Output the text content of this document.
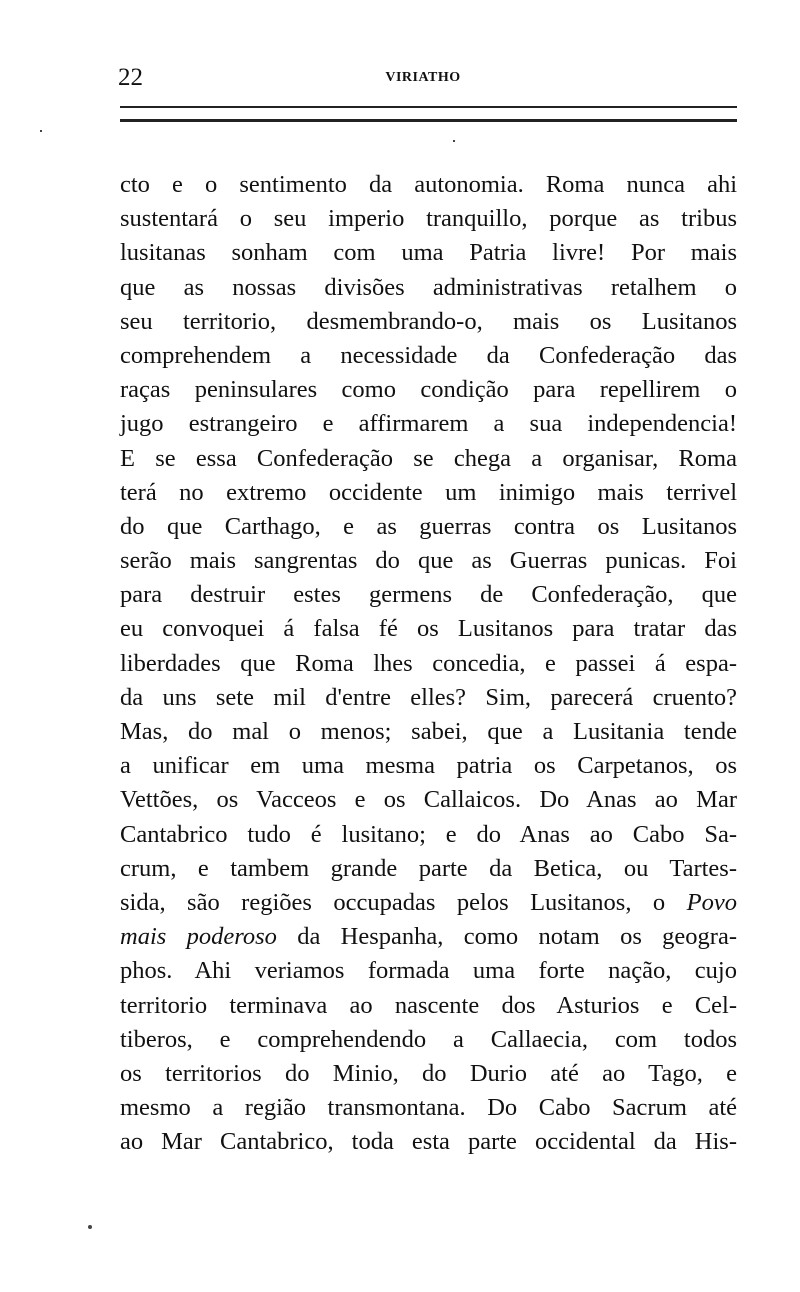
22	VIRIATHO
cto e o sentimento da autonomia. Roma nunca ahi
sustentará o seu imperio tranquillo, porque as tribus
lusitanas sonham com uma Patria livre! Por mais
que as nossas divisões administrativas retalhem o
seu territorio, desmembrando-o, mais os Lusitanos
comprehendem a necessidade da Confederação das
raças peninsulares como condição para repellirem o
jugo estrangeiro e affirmarem a sua independencia!
E se essa Confederação se chega a organisar, Roma
terá no extremo occidente um inimigo mais terrivel
do que Carthago, e as guerras contra os Lusitanos
serão mais sangrentas do que as Guerras punicas. Foi
para destruir estes germens de Confederação, que
eu convoquei á falsa fé os Lusitanos para tratar das
liberdades que Roma lhes concedia, e passei á espa-
da uns sete mil d'entre elles? Sim, parecerá cruento?
Mas, do mal o menos; sabei, que a Lusitania tende
a unificar em uma mesma patria os Carpetanos, os
Vettões, os Vacceos e os Callaicos. Do Anas ao Mar
Cantabrico tudo é lusitano; e do Anas ao Cabo Sa-
crum, e tambem grande parte da Betica, ou Tartes-
sida, são regiões occupadas pelos Lusitanos, o Povo
mais poderoso da Hespanha, como notam os geogra-
phos. Ahi veriamos formada uma forte nação, cujo
territorio terminava ao nascente dos Asturios e Cel-
tiberos, e comprehendendo a Callaecia, com todos
os territorios do Minio, do Durio até ao Tago, e
mesmo a região transmontana. Do Cabo Sacrum até
ao Mar Cantabrico, toda esta parte occidental da His-
